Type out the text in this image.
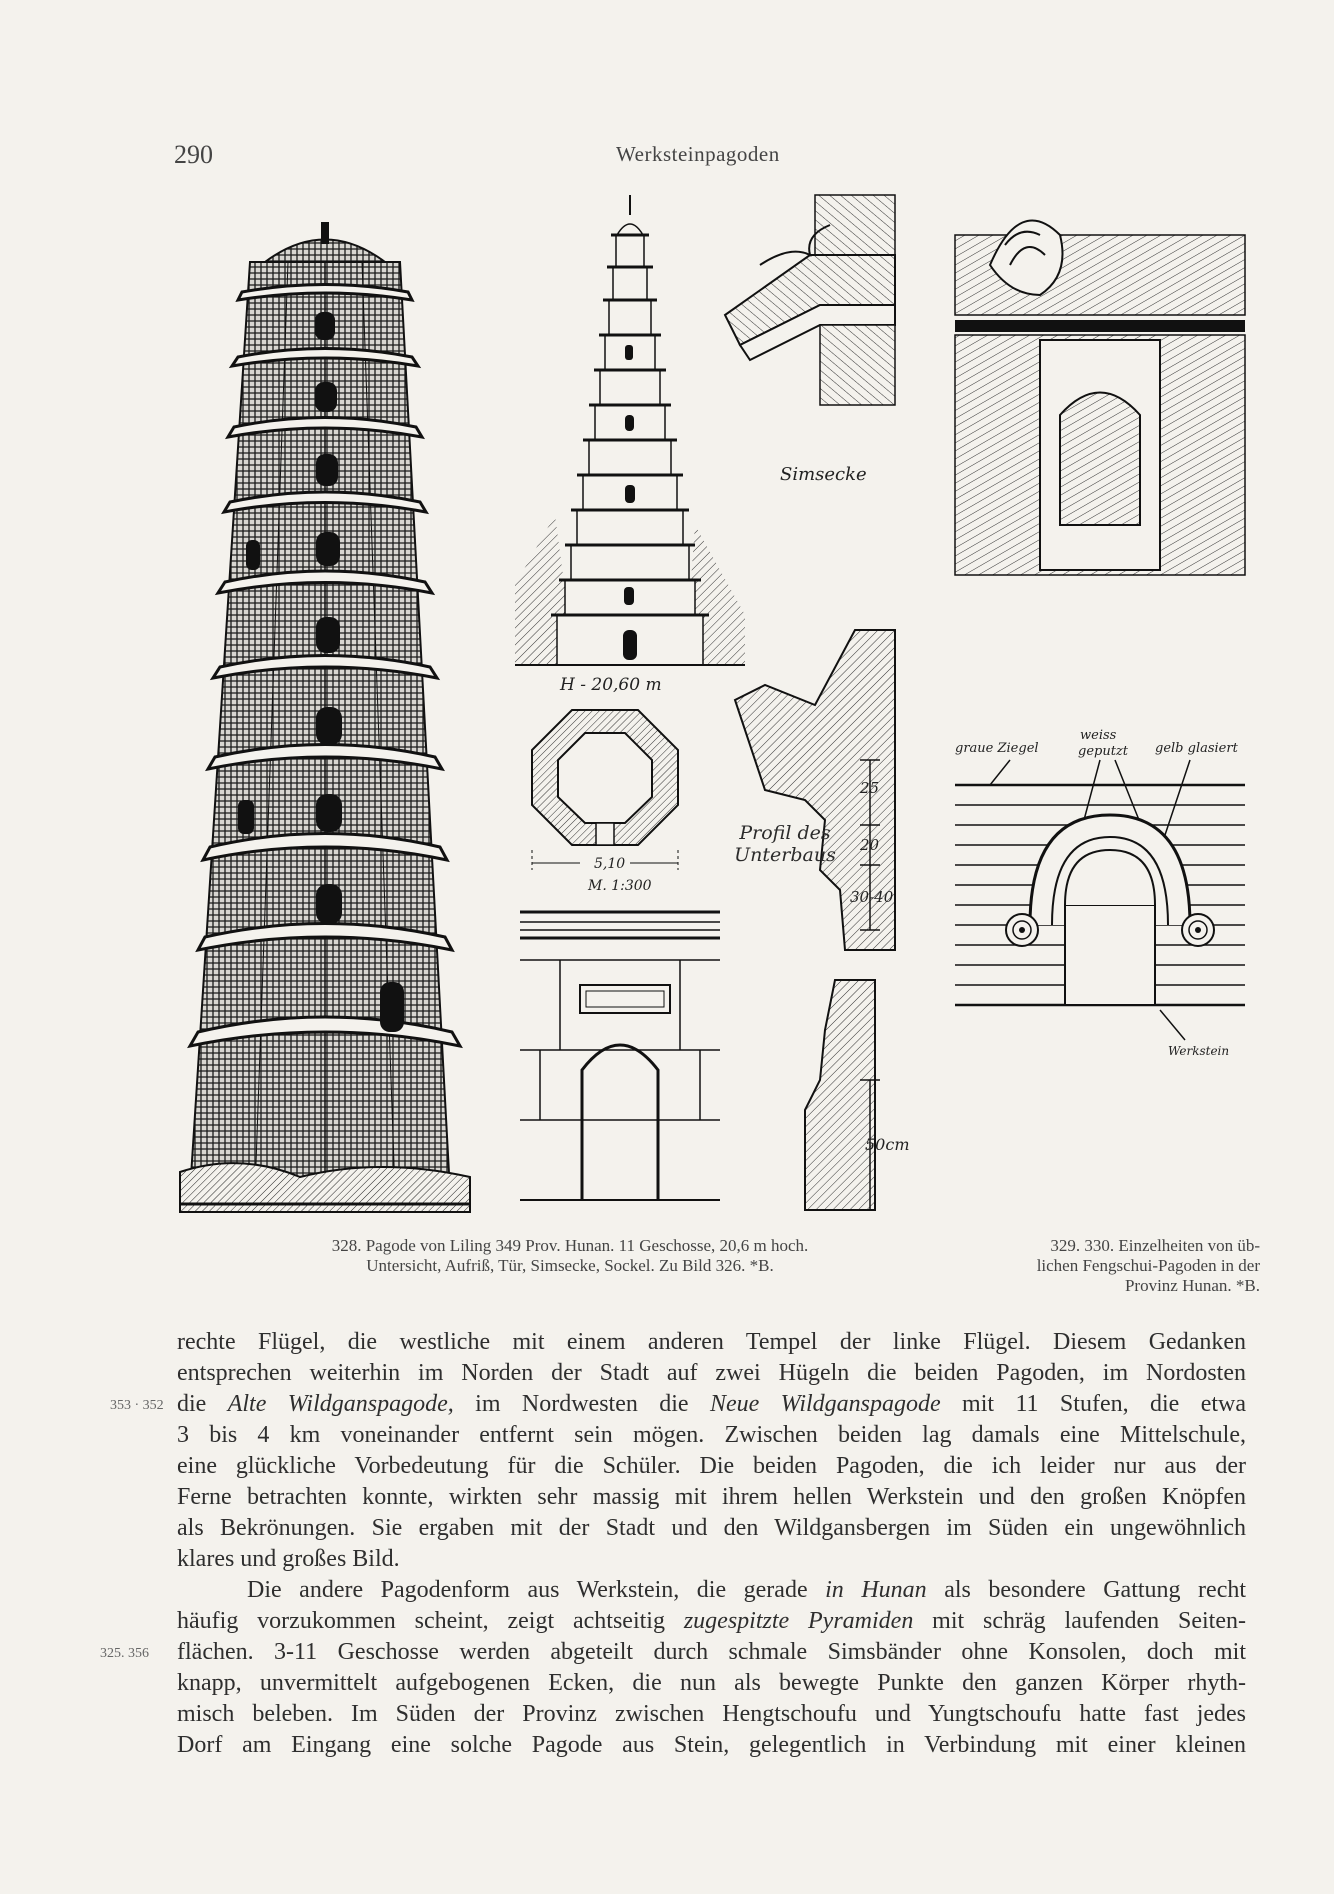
290	Werksteinpagoden
H - 20,60 m
5,10
M. 1:300
Simsecke
25
20
30-40
50cm
Profil des
Unterbaus
graue Ziegel
weiss
geputzt gelb glasiert
Werkstein
328. Pagode von Liling 349 Prov. Hunan. 11 Geschosse, 20,6 m hoch.
Untersicht, Aufriß, Tür, Simsecke, Sockel. Zu Bild 326. *B.
329. 330. Einzelheiten von üb-
lichen Fengschui-Pagoden in der
Provinz Hunan. *B.
353 · 352
325. 356
rechte Flügel, die westliche mit einem anderen Tempel der linke Flügel. Diesem Gedanken
entsprechen weiterhin im Norden der Stadt auf zwei Hügeln die beiden Pagoden, im Nordosten
die Alte Wildganspagode, im Nordwesten die Neue Wildganspagode mit 11 Stufen, die etwa
3 bis 4 km voneinander entfernt sein mögen. Zwischen beiden lag damals eine Mittelschule,
eine glückliche Vorbedeutung für die Schüler. Die beiden Pagoden, die ich leider nur aus der
Ferne betrachten konnte, wirkten sehr massig mit ihrem hellen Werkstein und den großen Knöpfen
als Bekrönungen. Sie ergaben mit der Stadt und den Wildgansbergen im Süden ein ungewöhnlich
klares und großes Bild.
Die andere Pagodenform aus Werkstein, die gerade in Hunan als besondere Gattung recht
häufig vorzukommen scheint, zeigt achtseitig zugespitzte Pyramiden mit schräg laufenden Seiten-
flächen. 3-11 Geschosse werden abgeteilt durch schmale Simsbänder ohne Konsolen, doch mit
knapp, unvermittelt aufgebogenen Ecken, die nun als bewegte Punkte den ganzen Körper rhyth-
misch beleben. Im Süden der Provinz zwischen Hengtschoufu und Yungtschoufu hatte fast jedes
Dorf am Eingang eine solche Pagode aus Stein, gelegentlich in Verbindung mit einer kleinen
